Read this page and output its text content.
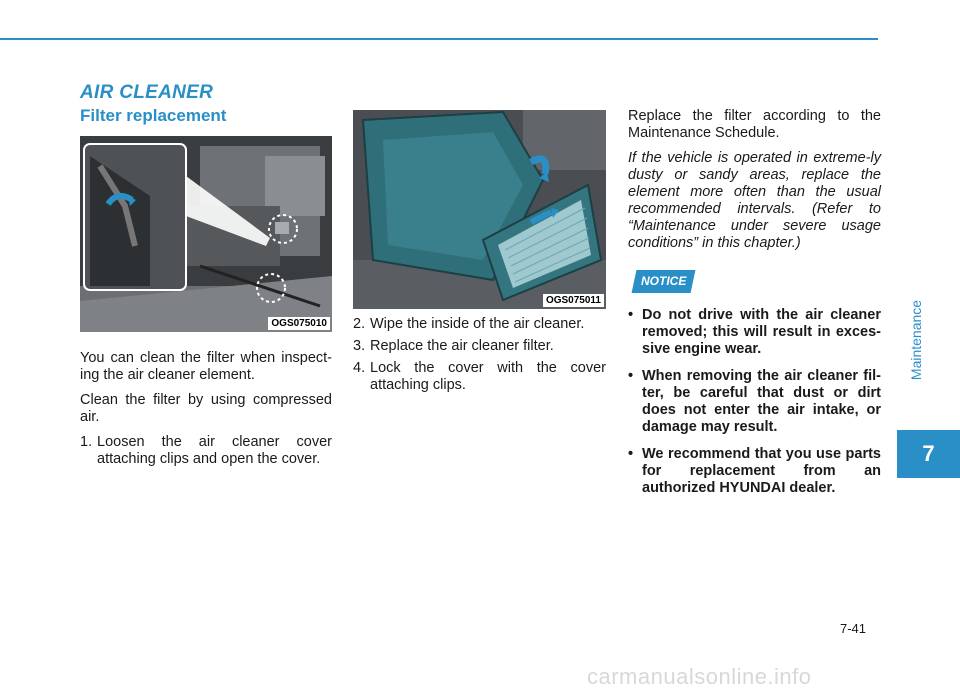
AIR CLEANER
Filter replacement
OGS075010
OGS075011

You can clean the filter when inspect-ing the air cleaner element.

Clean the filter by using compressed air.

1. Loosen the air cleaner cover attaching clips and open the cover.
2. Wipe the inside of the air cleaner.
3. Replace the air cleaner filter.
4. Lock the cover with the cover attaching clips.

Replace the filter according to the Maintenance Schedule.

If the vehicle is operated in extreme-ly dusty or sandy areas, replace the element more often than the usual recommended intervals. (Refer to “Maintenance under severe usage conditions” in this chapter.)

NOTICE
• Do not drive with the air cleaner removed; this will result in exces-sive engine wear.
• When removing the air cleaner fil-ter, be careful that dust or dirt does not enter the air intake, or damage may result.
• We recommend that you use parts for replacement from an authorized HYUNDAI dealer.
Maintenance
7
7-41
carmanualsonline.info
